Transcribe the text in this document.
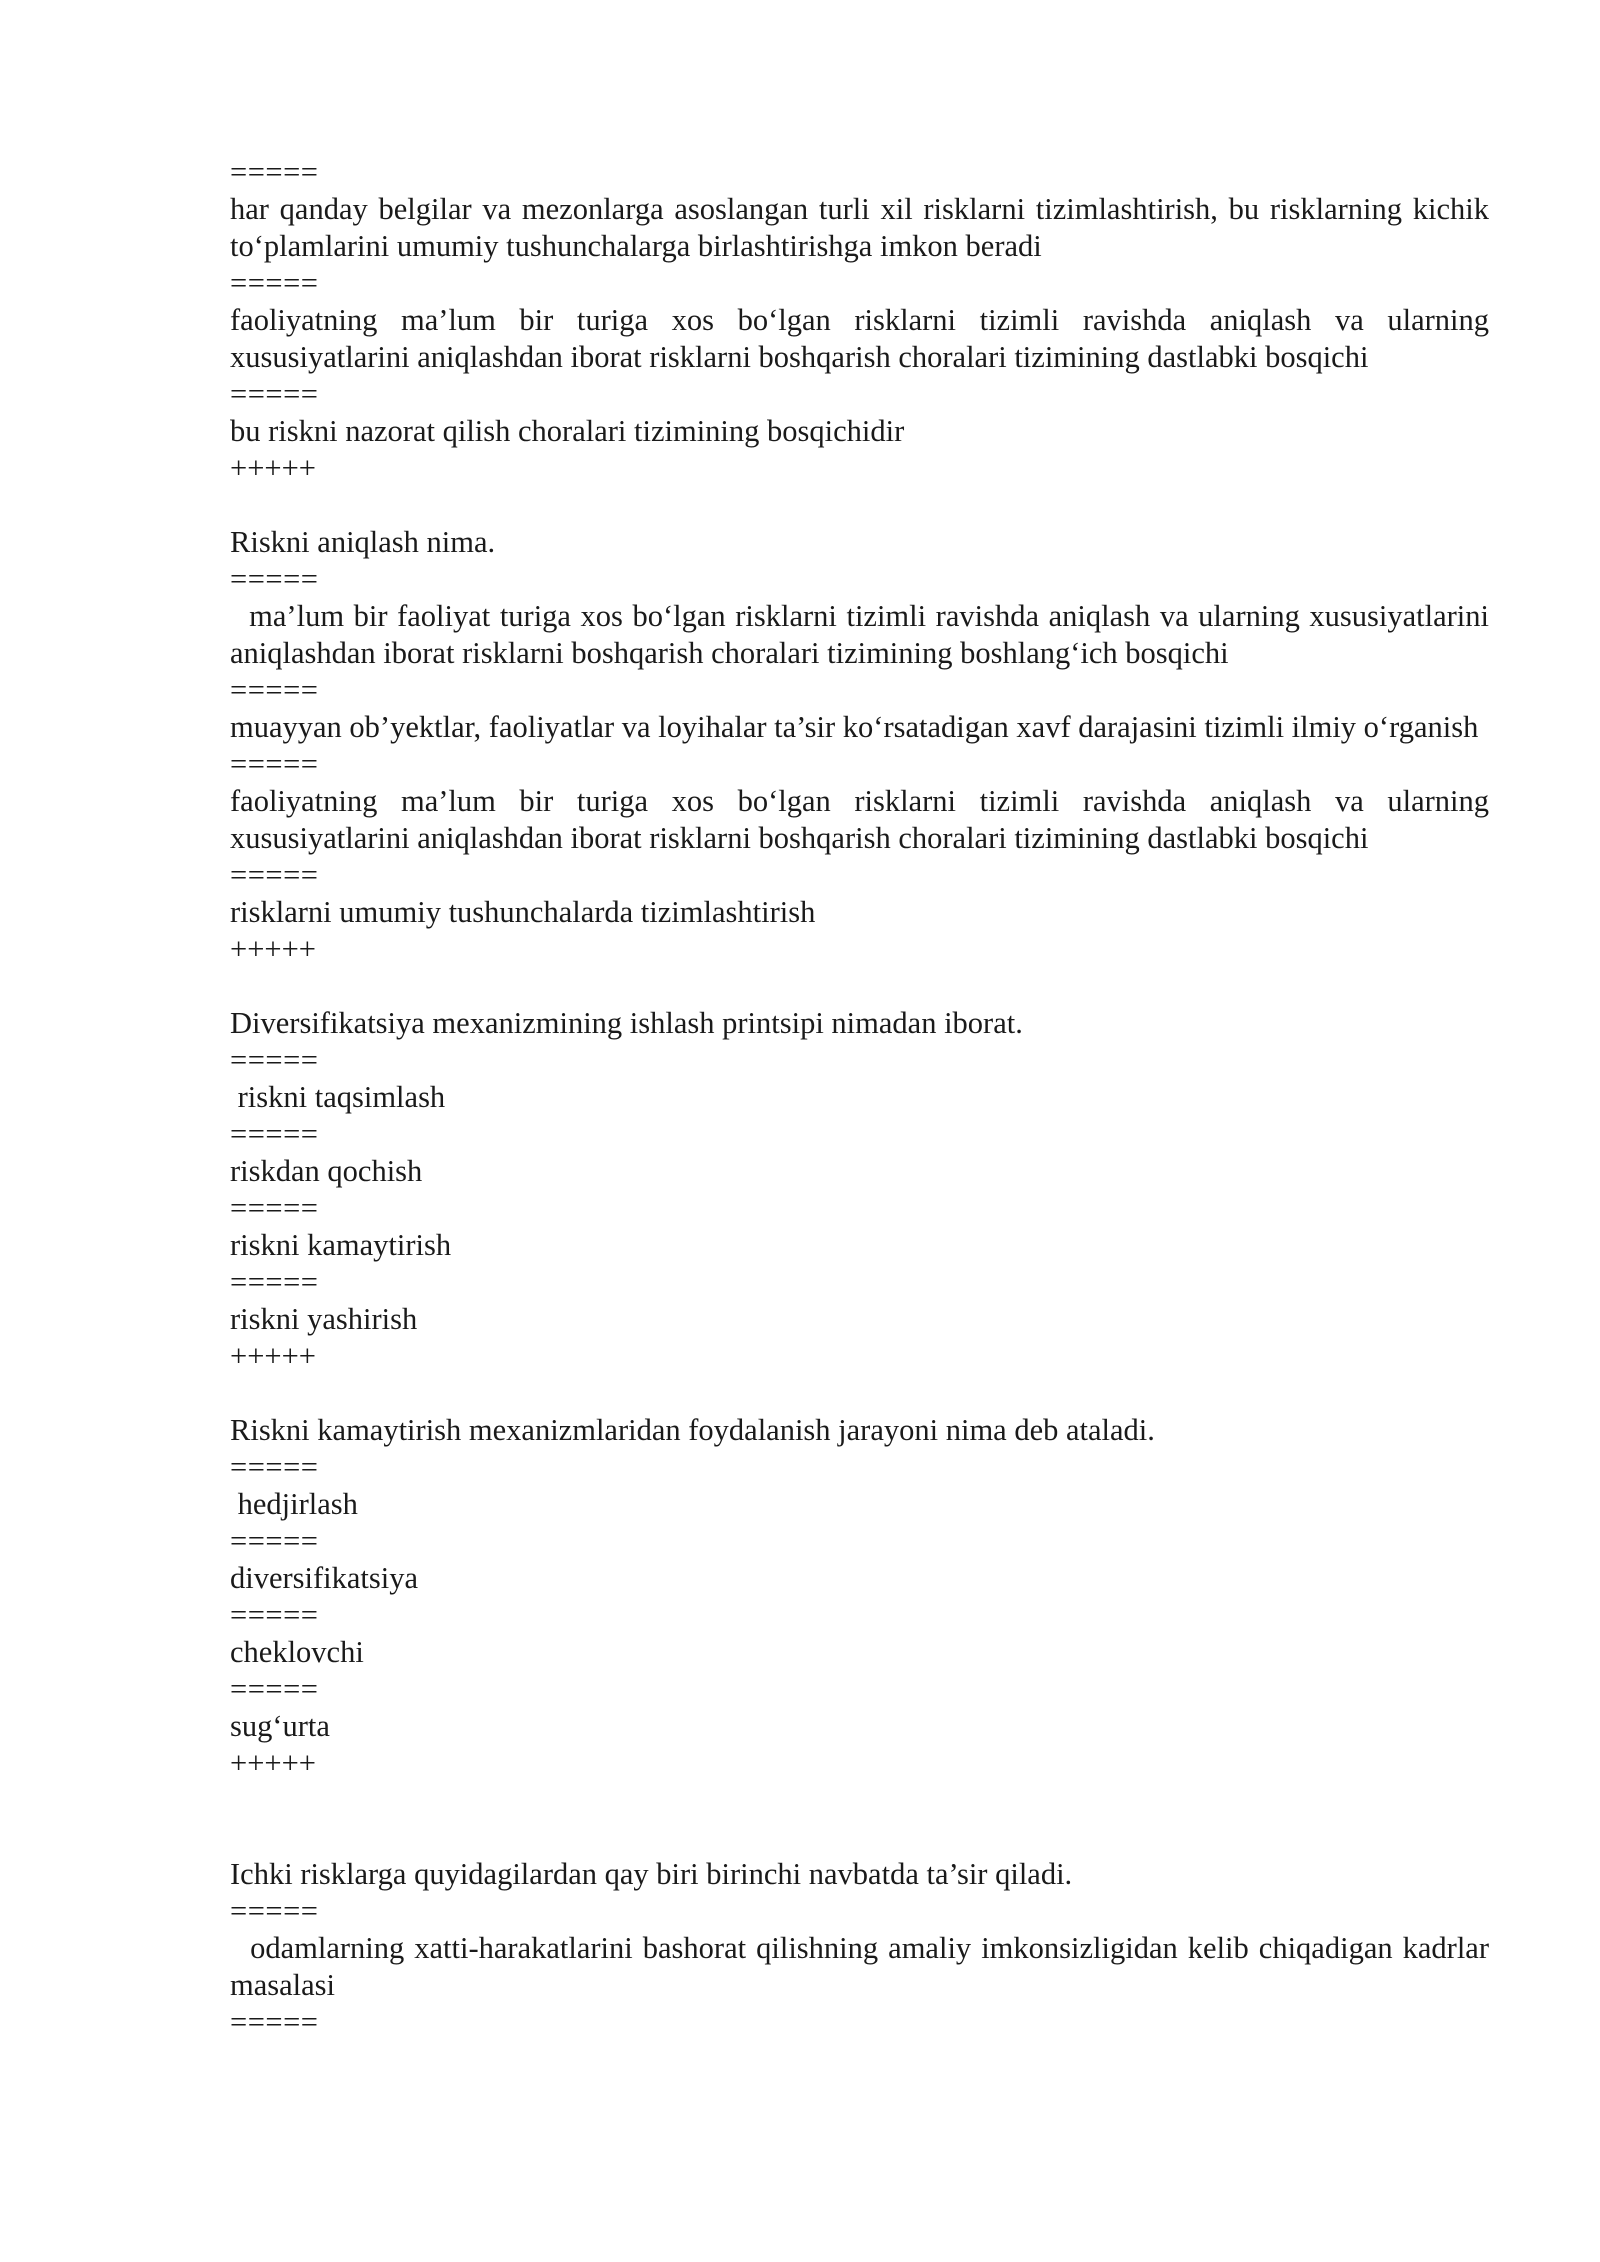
=====

har qanday belgilar va mezonlarga asoslangan turli xil risklarni tizimlashtirish, bu risklarning kichik to‘plamlarini umumiy tushunchalarga birlashtirishga imkon beradi

=====

faoliyatning ma’lum bir turiga xos bo‘lgan risklarni tizimli ravishda aniqlash va ularning xususiyatlarini aniqlashdan iborat risklarni boshqarish choralari tizimining dastlabki bosqichi

=====

bu riskni nazorat qilish choralari tizimining bosqichidir

+++++

Riskni aniqlash nima.

=====

ma’lum bir faoliyat turiga xos bo‘lgan risklarni tizimli ravishda aniqlash va ularning xususiyatlarini aniqlashdan iborat risklarni boshqarish choralari tizimining boshlang‘ich bosqichi

=====

muayyan ob’yektlar, faoliyatlar va loyihalar ta’sir ko‘rsatadigan xavf darajasini tizimli ilmiy o‘rganish

=====

faoliyatning ma’lum bir turiga xos bo‘lgan risklarni tizimli ravishda aniqlash va ularning xususiyatlarini aniqlashdan iborat risklarni boshqarish choralari tizimining dastlabki bosqichi

=====

risklarni umumiy tushunchalarda tizimlashtirish

+++++

Diversifikatsiya mexanizmining ishlash printsipi nimadan iborat.

=====

riskni taqsimlash

=====

riskdan qochish

=====

riskni kamaytirish

=====

riskni yashirish

+++++

Riskni kamaytirish mexanizmlaridan foydalanish jarayoni nima deb ataladi.

=====

hedjirlash

=====

diversifikatsiya

=====

cheklovchi

=====

sug‘urta

+++++

Ichki risklarga quyidagilardan qay biri birinchi navbatda ta’sir qiladi.

=====

odamlarning xatti-harakatlarini bashorat qilishning amaliy imkonsizligidan kelib chiqadigan kadrlar masalasi

=====
